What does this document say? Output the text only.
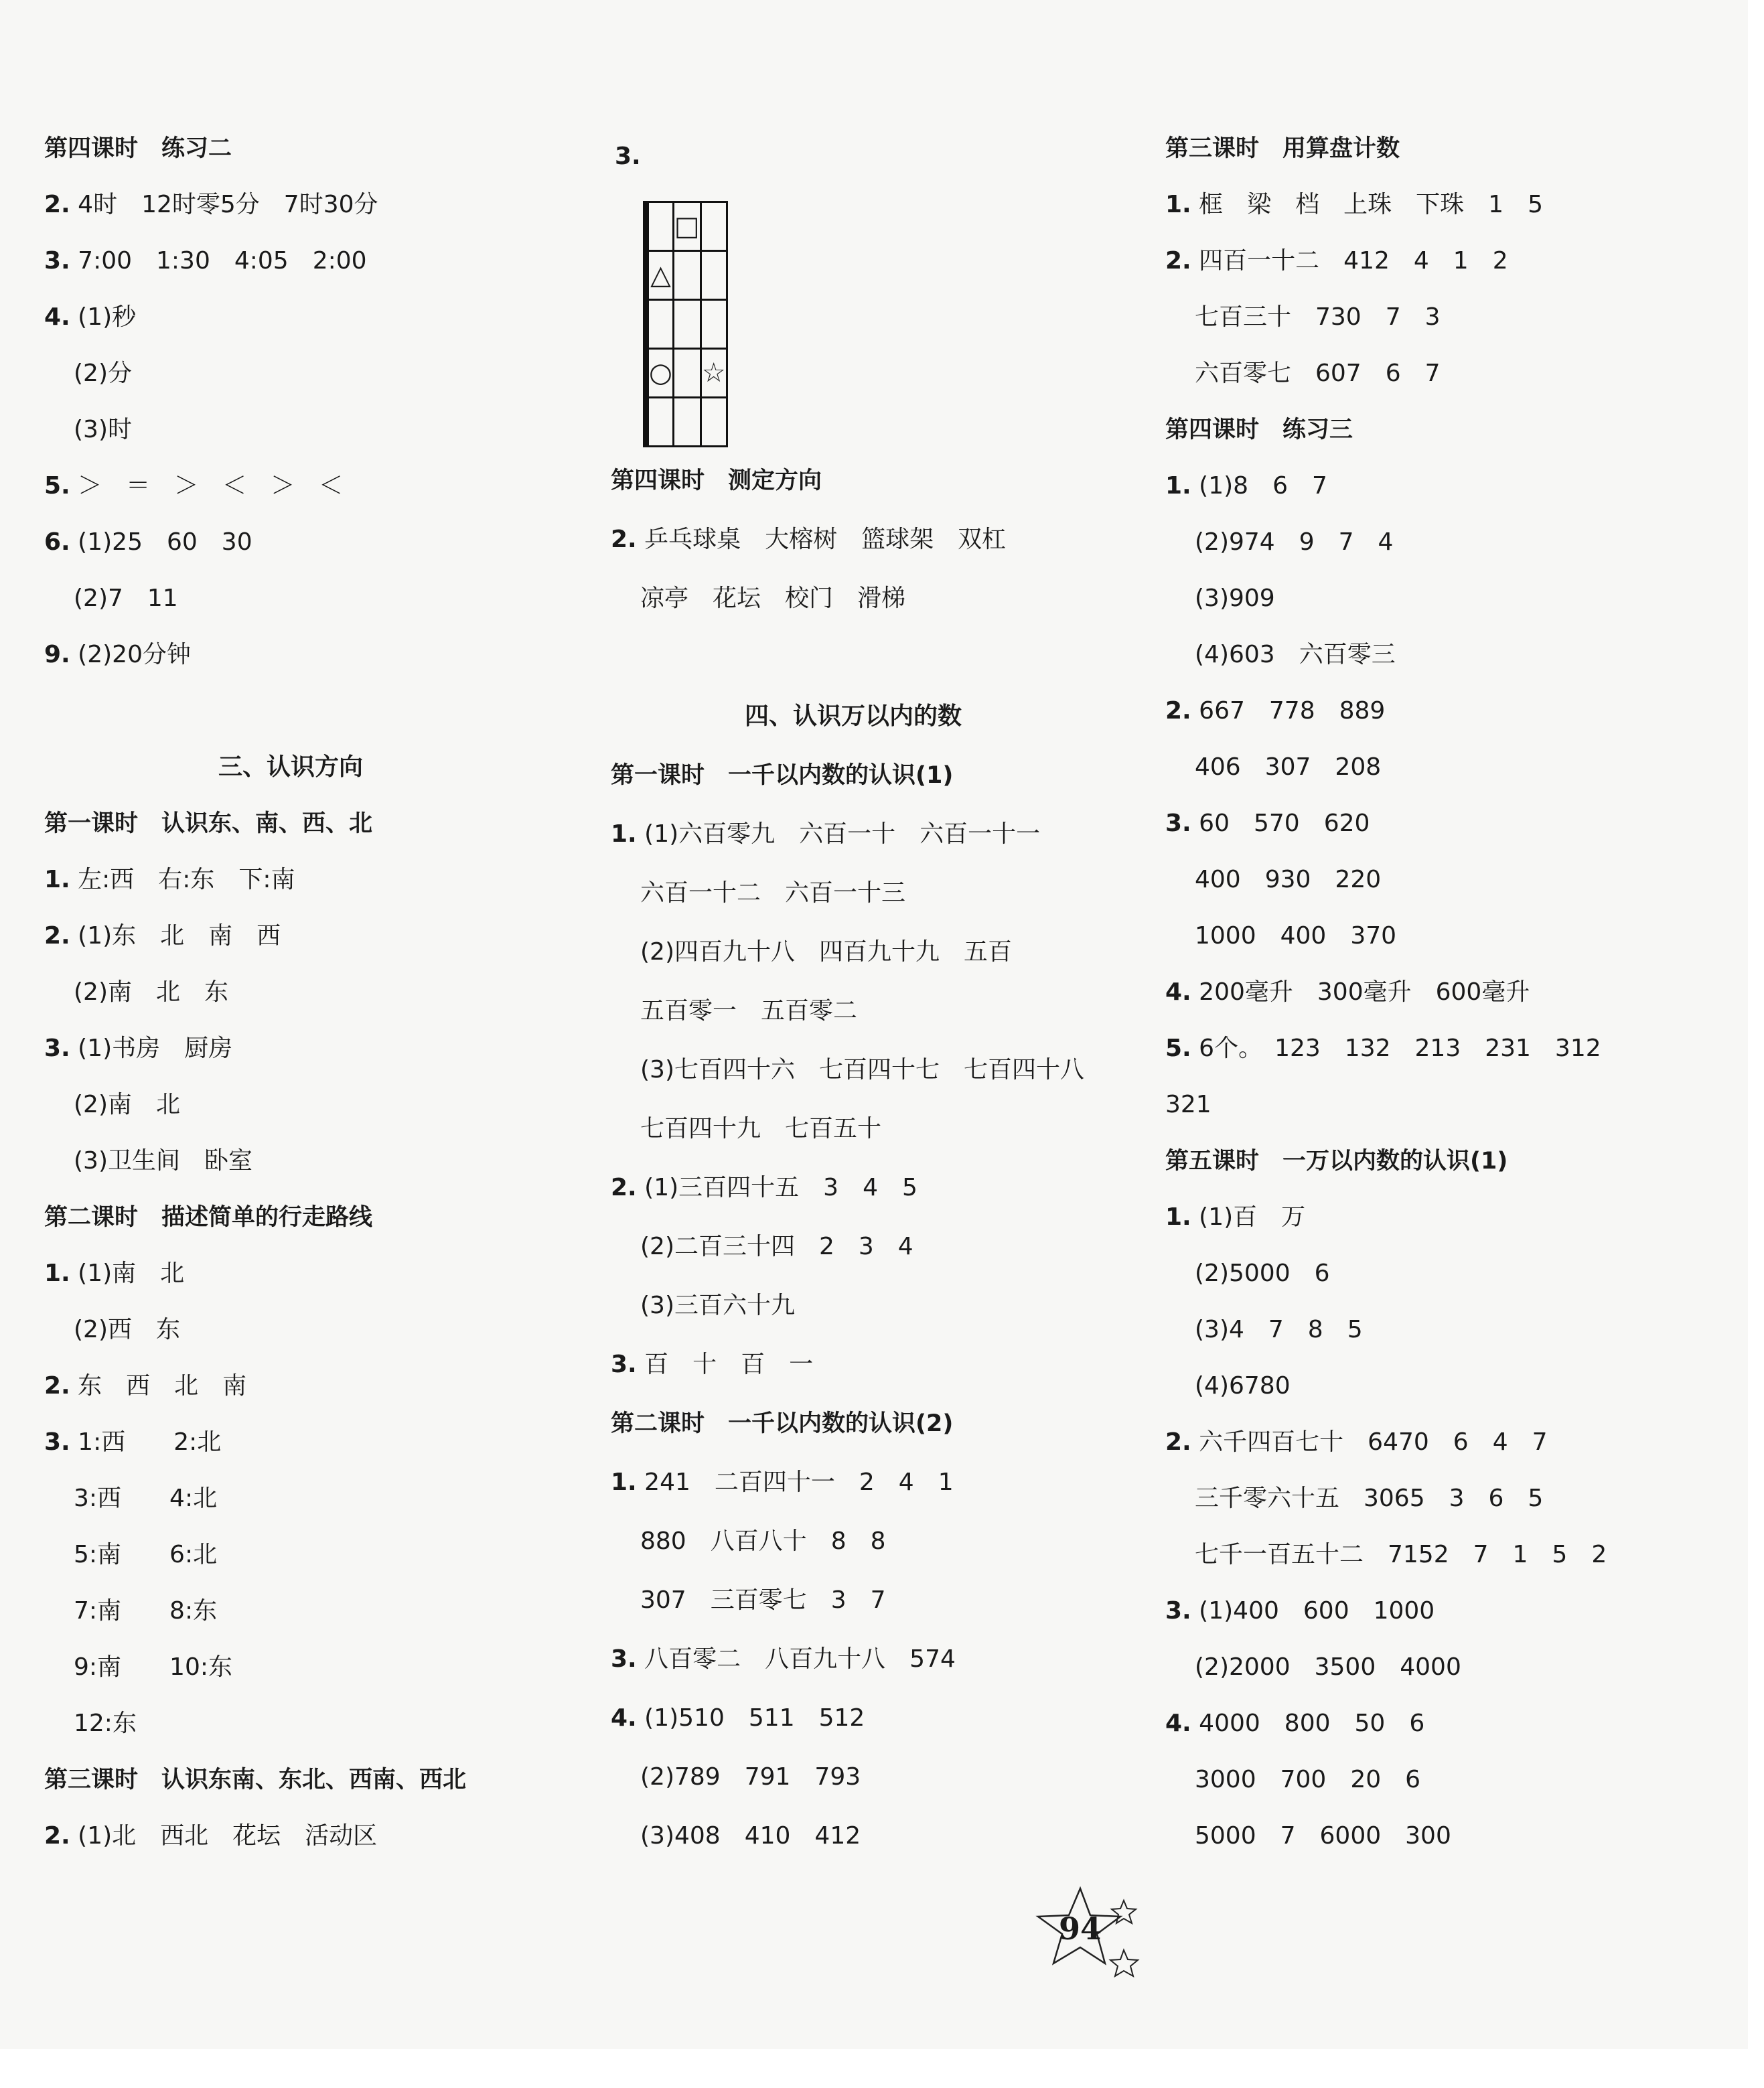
第四课时　练习二
2. 4时　12时零5分　7时30分
3. 7:00　1:30　4:05　2:00
4. (1)秒
(2)分
(3)时
5. ＞　＝　＞　＜　＞　＜
6. (1)25　60　30
(2)7　11
9. (2)20分钟
三、认识方向
第一课时　认识东、南、西、北
1. 左:西　右:东　下:南
2. (1)东　北　南　西
(2)南　北　东
3. (1)书房　厨房
(2)南　北
(3)卫生间　卧室
第二课时　描述简单的行走路线
1. (1)南　北
(2)西　东
2. 东　西　北　南
3. 1:西　　2:北
3:西　　4:北
5:南　　6:北
7:南　　8:东
9:南　　10:东
12:东
第三课时　认识东南、东北、西南、西北
2. (1)北　西北　花坛　活动区
3.
			□	
		△		

		○		☆

第四课时　测定方向
2. 乒乓球桌　大榕树　篮球架　双杠
凉亭　花坛　校门　滑梯
四、认识万以内的数
第一课时　一千以内数的认识(1)
1. (1)六百零九　六百一十　六百一十一
六百一十二　六百一十三
(2)四百九十八　四百九十九　五百
五百零一　五百零二
(3)七百四十六　七百四十七　七百四十八
七百四十九　七百五十
2. (1)三百四十五　3　4　5
(2)二百三十四　2　3　4
(3)三百六十九
3. 百　十　百　一
第二课时　一千以内数的认识(2)
1. 241　二百四十一　2　4　1
880　八百八十　8　8
307　三百零七　3　7
3. 八百零二　八百九十八　574
4. (1)510　511　512
(2)789　791　793
(3)408　410　412
第三课时　用算盘计数
1. 框　梁　档　上珠　下珠　1　5
2. 四百一十二　412　4　1　2
七百三十　730　7　3
六百零七　607　6　7
第四课时　练习三
1. (1)8　6　7
(2)974　9　7　4
(3)909
(4)603　六百零三
2. 667　778　889
406　307　208
3. 60　570　620
400　930　220
1000　400　370
4. 200毫升　300毫升　600毫升
5. 6个。　123　132　213　231　312
321
第五课时　一万以内数的认识(1)
1. (1)百　万
(2)5000　6
(3)4　7　8　5
(4)6780
2. 六千四百七十　6470　6　4　7
三千零六十五　3065　3　6　5
七千一百五十二　7152　7　1　5　2
3. (1)400　600　1000
(2)2000　3500　4000
4. 4000　800　50　6
3000　700　20　6
5000　7　6000　300
94
